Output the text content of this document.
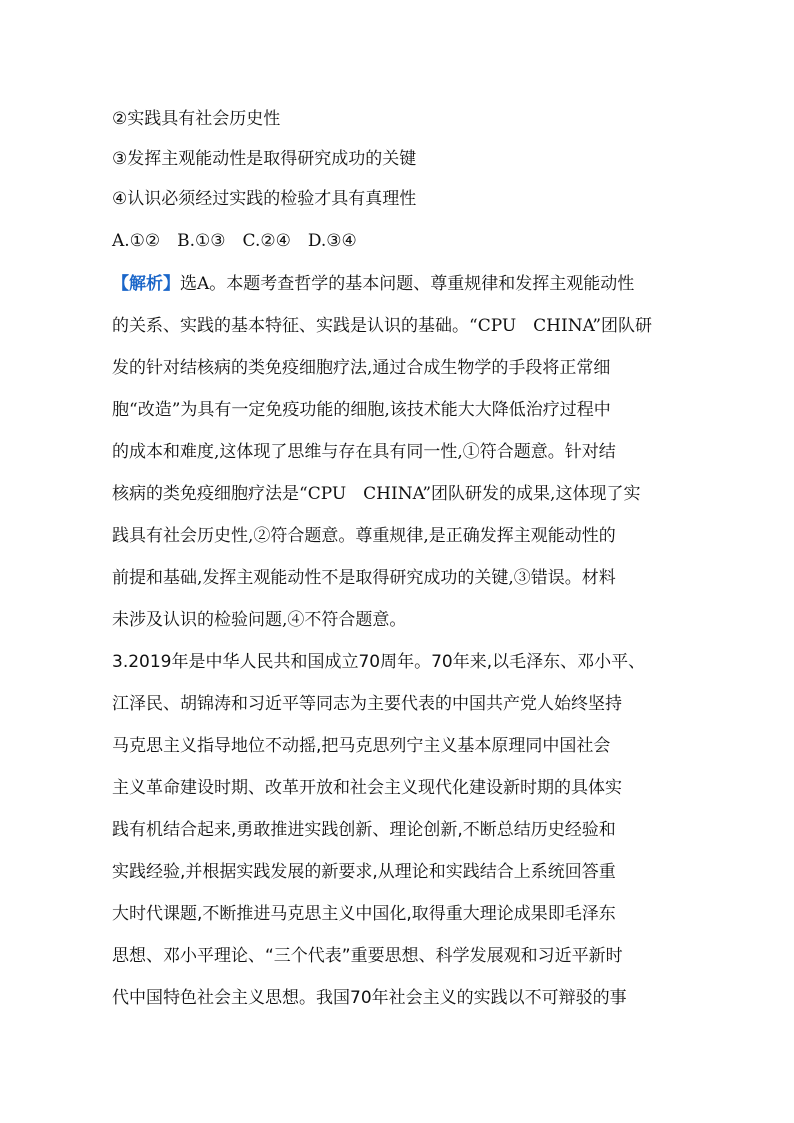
②实践具有社会历史性
③发挥主观能动性是取得研究成功的关键
④认识必须经过实践的检验才具有真理性
A.①②　B.①③　C.②④　D.③④
【解析】选A。本题考查哲学的基本问题、尊重规律和发挥主观能动性
的关系、实践的基本特征、实践是认识的基础。“CPU　CHINA”团队研
发的针对结核病的类免疫细胞疗法,通过合成生物学的手段将正常细
胞“改造”为具有一定免疫功能的细胞,该技术能大大降低治疗过程中
的成本和难度,这体现了思维与存在具有同一性,①符合题意。针对结
核病的类免疫细胞疗法是“CPU　CHINA”团队研发的成果,这体现了实
践具有社会历史性,②符合题意。尊重规律,是正确发挥主观能动性的
前提和基础,发挥主观能动性不是取得研究成功的关键,③错误。材料
未涉及认识的检验问题,④不符合题意。
3.2019年是中华人民共和国成立70周年。70年来,以毛泽东、邓小平、
江泽民、胡锦涛和习近平等同志为主要代表的中国共产党人始终坚持
马克思主义指导地位不动摇,把马克思列宁主义基本原理同中国社会
主义革命建设时期、改革开放和社会主义现代化建设新时期的具体实
践有机结合起来,勇敢推进实践创新、理论创新,不断总结历史经验和
实践经验,并根据实践发展的新要求,从理论和实践结合上系统回答重
大时代课题,不断推进马克思主义中国化,取得重大理论成果即毛泽东
思想、邓小平理论、“三个代表”重要思想、科学发展观和习近平新时
代中国特色社会主义思想。我国70年社会主义的实践以不可辩驳的事
